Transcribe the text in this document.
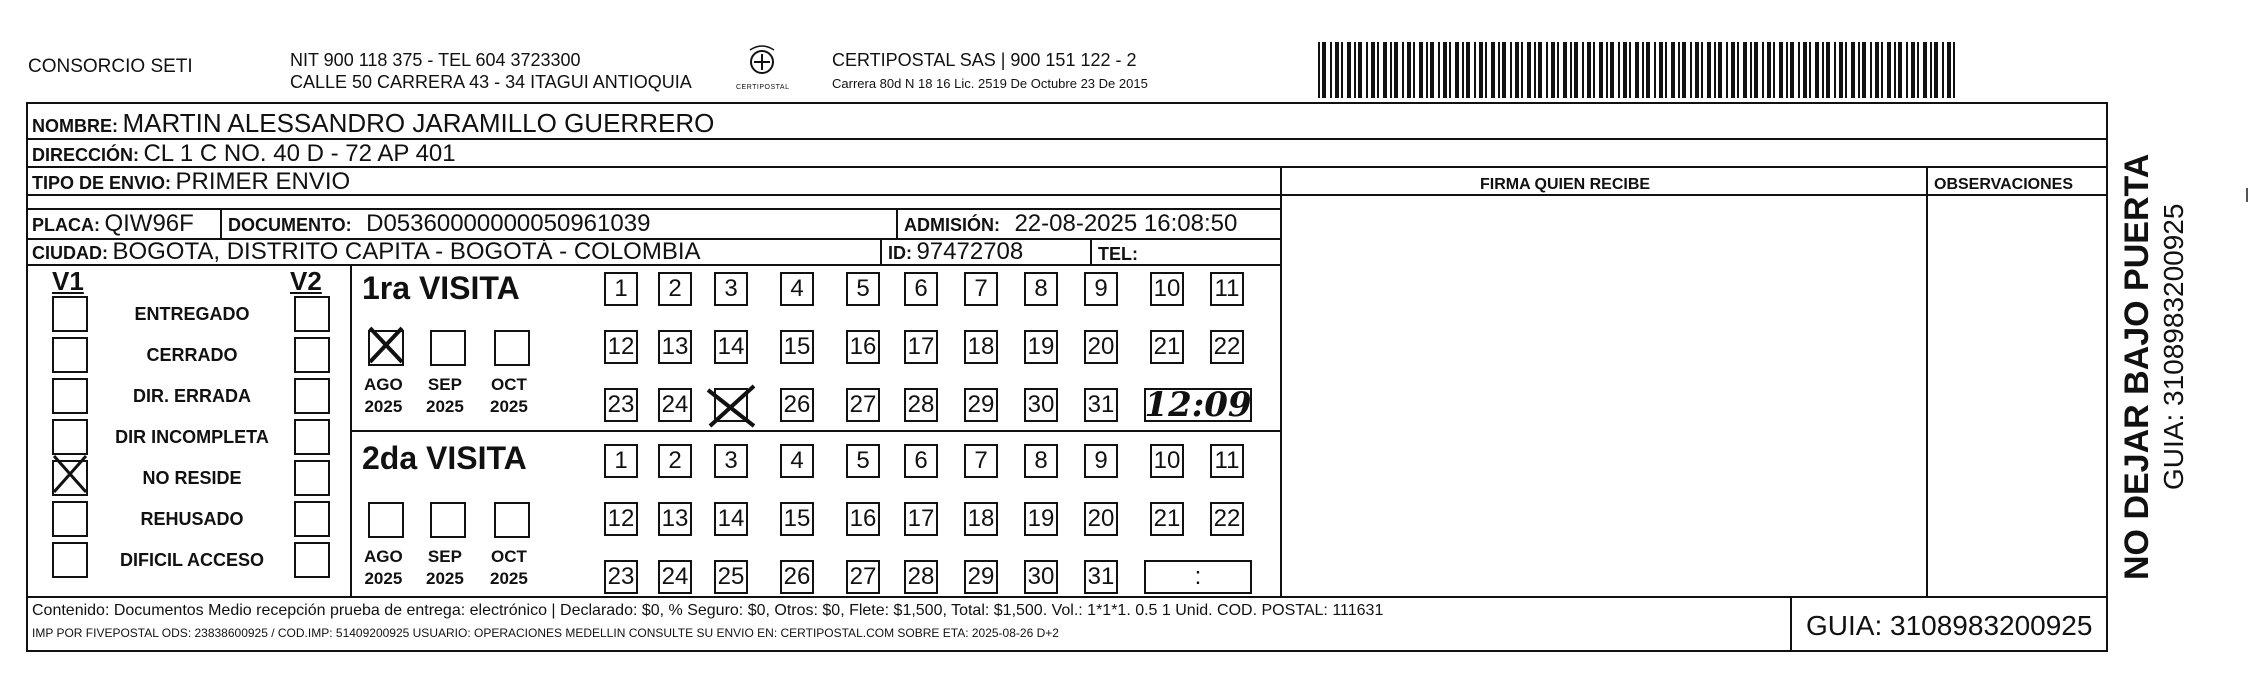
CONSORCIO SETI	NIT 900 118 375 - TEL 604 3723300
CALLE 50 CARRERA 43 - 34 ITAGUI ANTIOQUIA	CERTIPOSTAL
CERTIPOSTAL SAS | 900 151 122 - 2
Carrera 80d N 18 16 Lic. 2519 De Octubre 23 De 2015
NOMBRE: MARTIN ALESSANDRO JARAMILLO GUERRERO
DIRECCIÓN: CL 1 C NO. 40 D - 72 AP 401
TIPO DE ENVIO: PRIMER ENVIO	FIRMA QUIEN RECIBE	OBSERVACIONES
PLACA: QIW96F DOCUMENTO: D05360000000050961039	ADMISIÓN: 22-08-2025 16:08:50
CIUDAD: BOGOTA, DISTRITO CAPITA - BOGOTÁ - COLOMBIA	ID: 97472708	TEL:
V1	V2
ENTREGADO
CERRADO
DIR. ERRADA
DIR INCOMPLETA
NO RESIDE
REHUSADO
DIFICIL ACCESO
1ra VISITA
2da VISITA
AGO
2025
SEP
2025
OCT
2025
1	2	3	4	5	6	7	8	9	10 11
12 13 14 15 16 17 18 19 20 21 22
23 24	26 27 28 29 30 31 12:09
AGO
2025
SEP
2025
OCT
2025
1	2	3	4	5	6	7	8	9	10 11
12 13 14 15 16 17 18 19 20 21 22
23 24 25 26 27 28 29 30 31	:
Contenido: Documentos Medio recepción prueba de entrega: electrónico | Declarado: $0, % Seguro: $0, Otros: $0, Flete: $1,500, Total: $1,500. Vol.: 1*1*1. 0.5 1 Unid. COD. POSTAL: 111631
IMP POR FIVEPOSTAL ODS: 23838600925 / COD.IMP: 51409200925 USUARIO: OPERACIONES MEDELLIN CONSULTE SU ENVIO EN: CERTIPOSTAL.COM SOBRE ETA: 2025-08-26 D+2	GUIA: 3108983200925
NO DEJAR BAJO PUERTA GUIA: 3108983200925
